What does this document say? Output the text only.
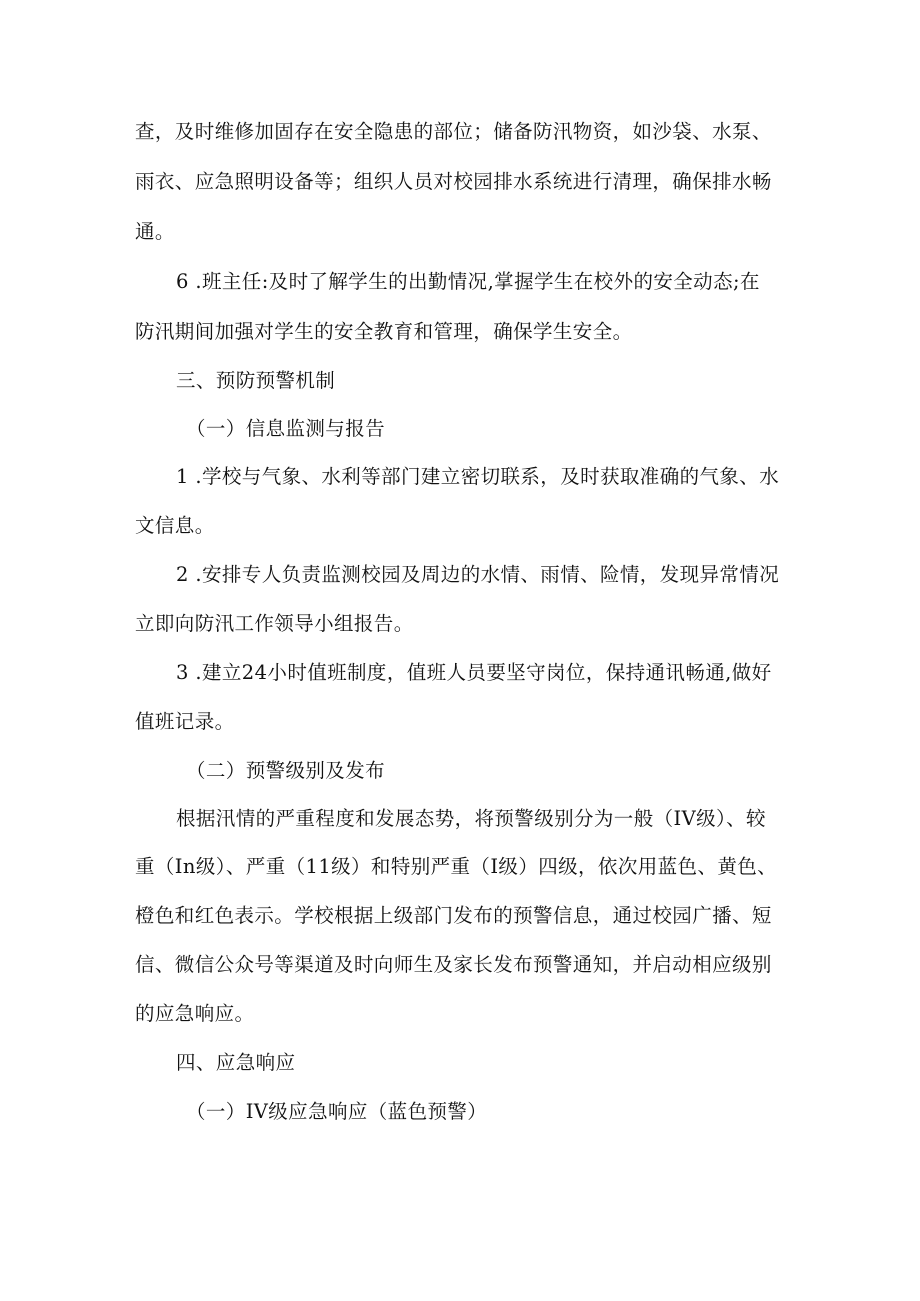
查，及时维修加固存在安全隐患的部位；储备防汛物资，如沙袋、水泵、
雨衣、应急照明设备等；组织人员对校园排水系统进行清理，确保排水畅
通。
6 .班主任:及时了解学生的出勤情况,掌握学生在校外的安全动态;在
防汛期间加强对学生的安全教育和管理，确保学生安全。
三、预防预警机制
（一）信息监测与报告
1 .学校与气象、水利等部门建立密切联系，及时获取准确的气象、水
文信息。
2 .安排专人负责监测校园及周边的水情、雨情、险情，发现异常情况
立即向防汛工作领导小组报告。
3 .建立24小时值班制度，值班人员要坚守岗位，保持通讯畅通,做好
值班记录。
（二）预警级别及发布
根据汛情的严重程度和发展态势，将预警级别分为一般（IV级）、较
重（In级）、严重（11级）和特别严重（I级）四级，依次用蓝色、黄色、
橙色和红色表示。学校根据上级部门发布的预警信息，通过校园广播、短
信、微信公众号等渠道及时向师生及家长发布预警通知，并启动相应级别
的应急响应。
四、应急响应
（一）IV级应急响应（蓝色预警）
